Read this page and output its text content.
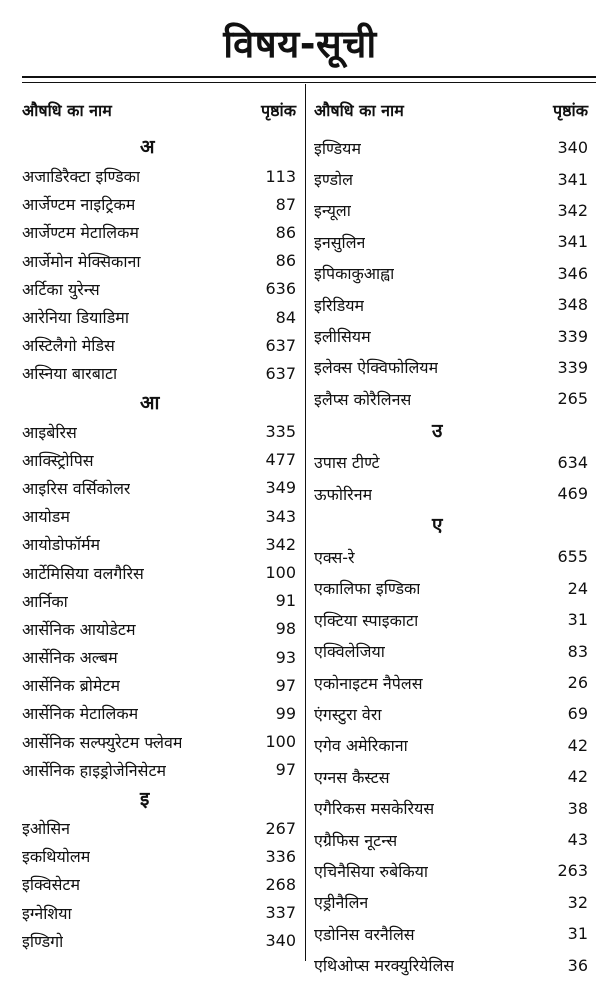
विषय-सूची
औषधि का नाम	पृष्ठांक
अ
अजाडिरैक्टा इण्डिका	113
आर्जेण्टम नाइट्रिकम	87
आर्जेण्टम मेटालिकम	86
आर्जेमोन मेक्सिकाना	86
अर्टिका युरेन्स	636
आरेनिया डियाडिमा	84
अस्टिलैगो मेडिस	637
अस्निया बारबाटा	637
आ
आइबेरिस	335
आक्स्ट्रिोपिस	477
आइरिस वर्सिकोलर	349
आयोडम	343
आयोडोफॉर्मम	342
आर्टेमिसिया वलगैरिस	100
आर्निका	91
आर्सेनिक आयोडेटम	98
आर्सेनिक अल्बम	93
आर्सेनिक ब्रोमेटम	97
आर्सेनिक मेटालिकम	99
आर्सेनिक सल्फ्युरेटम फ्लेवम	100
आर्सेनिक हाइड्रोजेनिसेटम	97
इ
इओसिन	267
इकथियोलम	336
इक्विसेटम	268
इग्नेशिया	337
इण्डिगो	340
औषधि का नाम	पृष्ठांक
इण्डियम	340
इण्डोल	341
इन्यूला	342
इनसुलिन	341
इपिकाकुआह्वा	346
इरिडियम	348
इलीसियम	339
इलेक्स ऐक्विफोलियम	339
इलैप्स कोरैलिनस	265
उ
उपास टीण्टे	634
ऊफोरिनम	469
ए
एक्स-रे	655
एकालिफा इण्डिका	24
एक्टिया स्पाइकाटा	31
एक्विलेजिया	83
एकोनाइटम नैपेलस	26
एंगस्टुरा वेरा	69
एगेव अमेरिकाना	42
एग्नस कैस्टस	42
एगैरिकस मसकेरियस	38
एग्रैफिस नूटन्स	43
एचिनैसिया रुबेकिया	263
एड्रीनैलिन	32
एडोनिस वरनैलिस	31
एथिओप्स मरक्युरियेलिस	36
